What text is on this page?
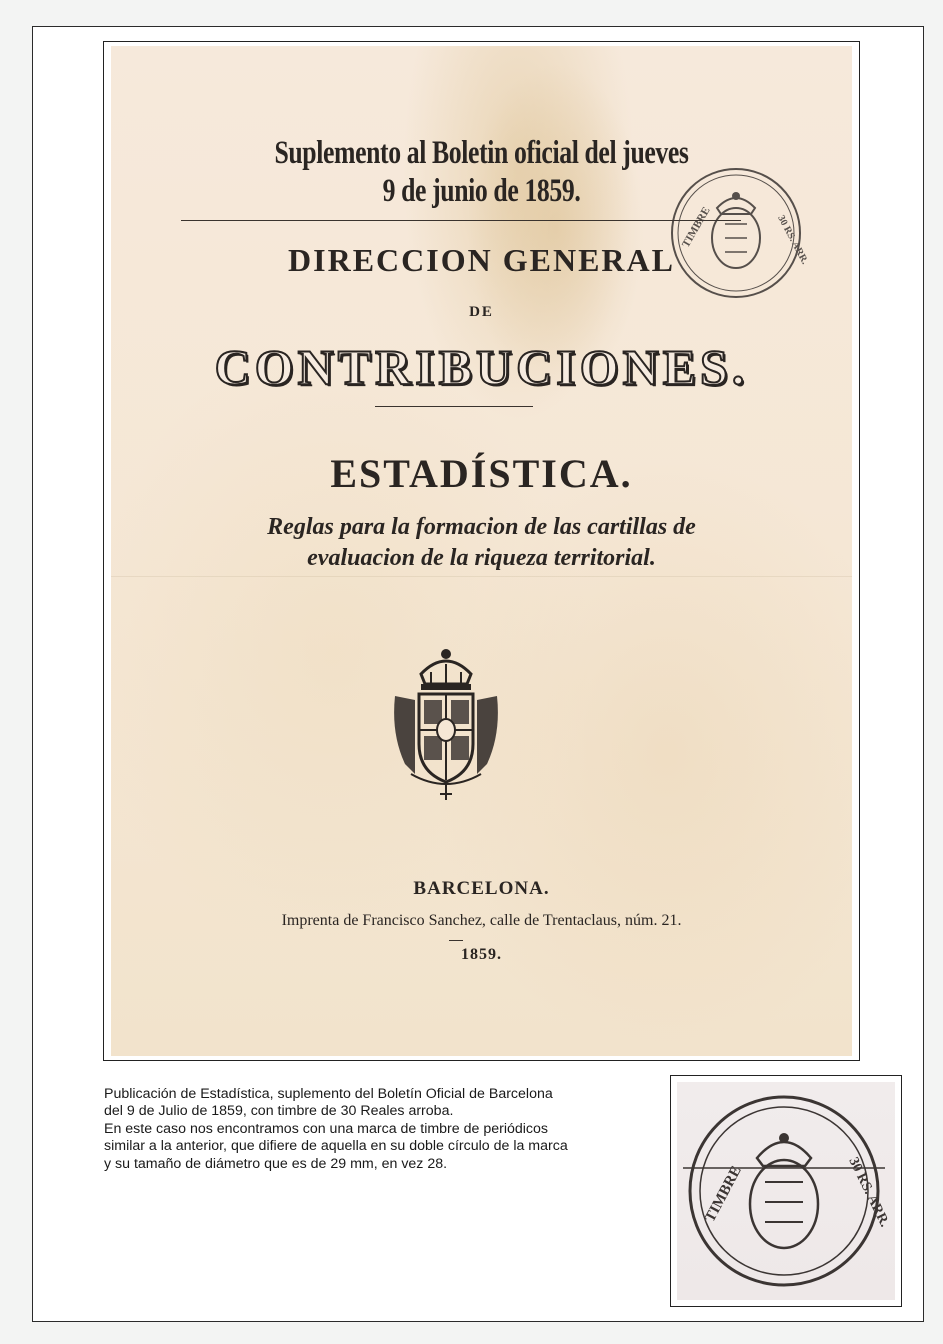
Suplemento al Boletin oficial del jueves
9 de junio de 1859.
DIRECCION GENERAL
DE
CONTRIBUCIONES.
ESTADÍSTICA.
Reglas para la formacion de las cartillas de
evaluacion de la riqueza territorial.
TIMBRE	30 RS. ARR.
BARCELONA.
Imprenta de Francisco Sanchez, calle de Trentaclaus, núm. 21.
1859.

Publicación de Estadística, suplemento del Boletín Oficial de Barcelona

del 9 de Julio de 1859, con timbre de 30 Reales arroba.

En este caso nos encontramos con una marca de timbre de periódicos

similar a la anterior, que difiere de aquella en su doble círculo de la marca

y su tamaño de diámetro que es de 29 mm, en vez 28.	TIMBRE	30 RS. ARR.
